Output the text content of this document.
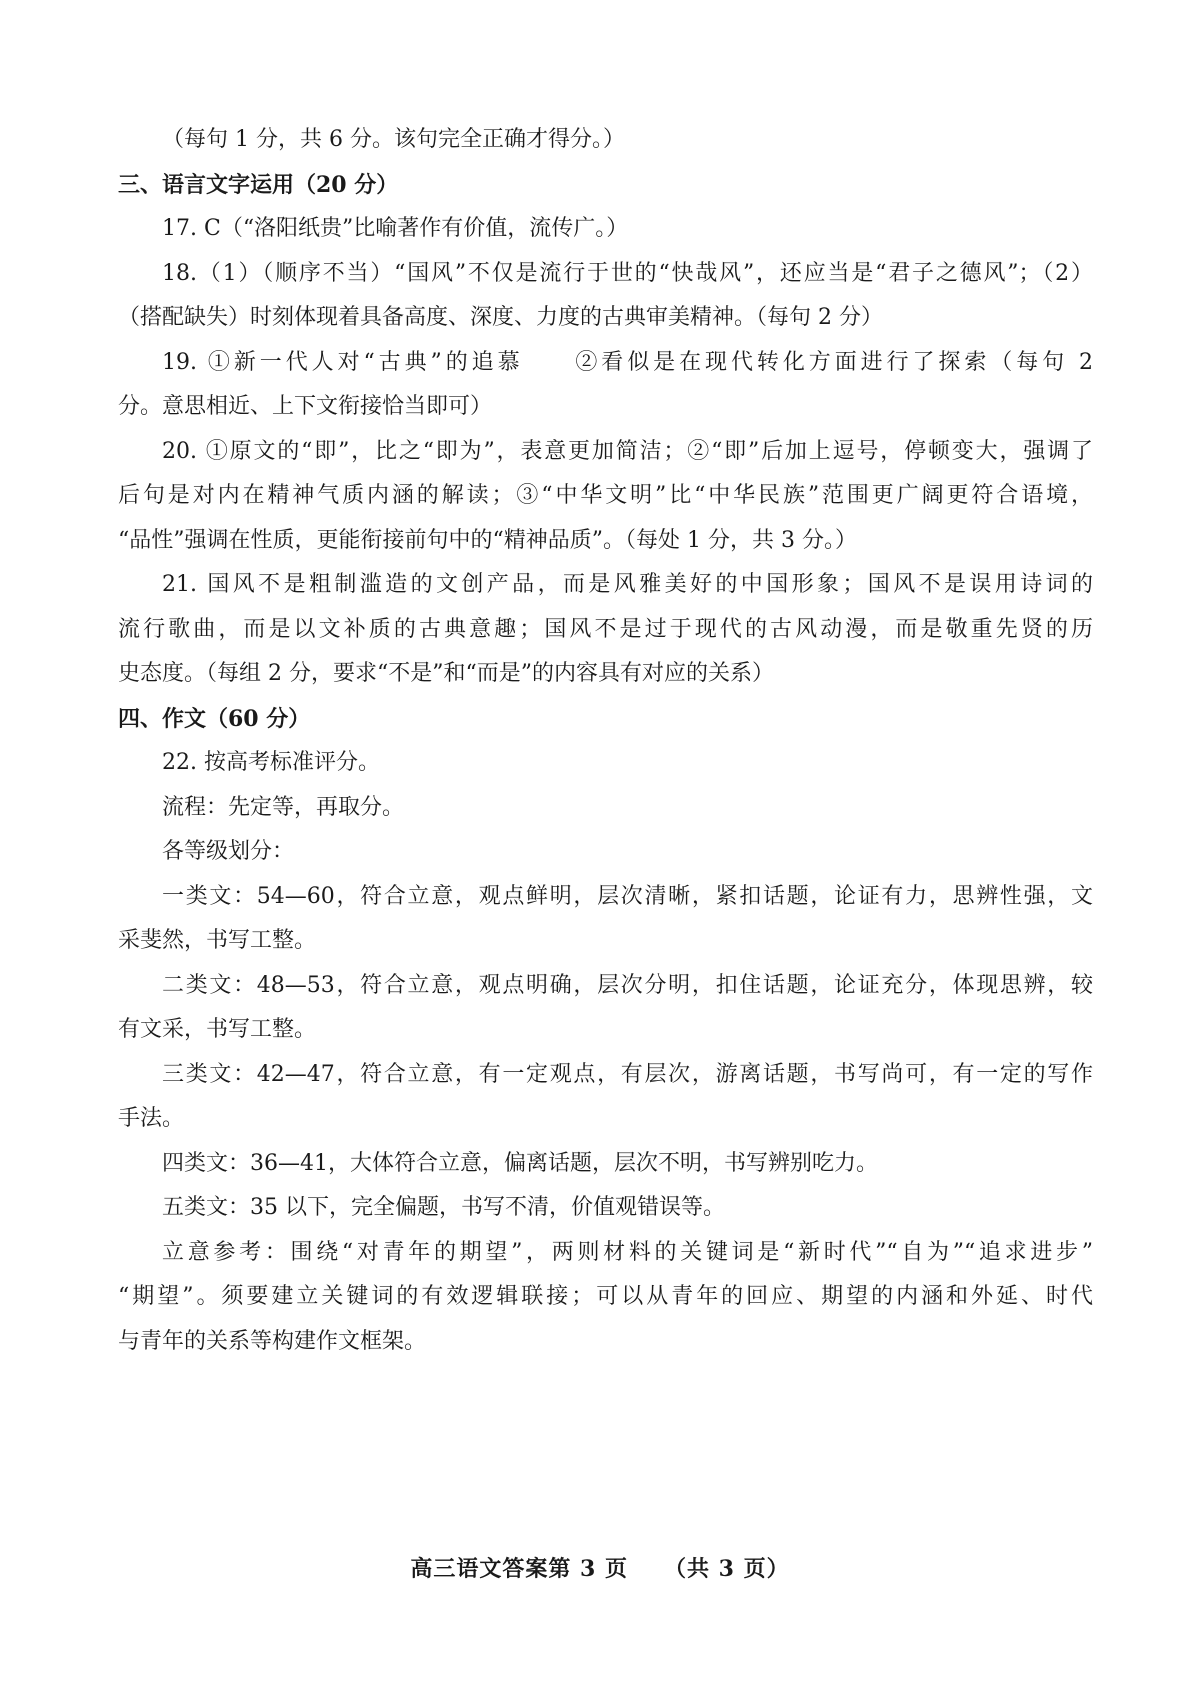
（每句 1 分，共 6 分。该句完全正确才得分。）
三、语言文字运用（20 分）
17. C（“洛阳纸贵”比喻著作有价值，流传广。）
18.（1）（顺序不当）“国风”不仅是流行于世的“快哉风”，还应当是“君子之德风”；（2）
（搭配缺失）时刻体现着具备高度、深度、力度的古典审美精神。（每句 2 分）
19. ①新一代人对“古典”的追慕　　②看似是在现代转化方面进行了探索（每句 2
分。意思相近、上下文衔接恰当即可）
20. ①原文的“即”，比之“即为”，表意更加简洁；②“即”后加上逗号，停顿变大，强调了
后句是对内在精神气质内涵的解读；③“中华文明”比“中华民族”范围更广阔更符合语境，
“品性”强调在性质，更能衔接前句中的“精神品质”。（每处 1 分，共 3 分。）
21. 国风不是粗制滥造的文创产品，而是风雅美好的中国形象；国风不是误用诗词的
流行歌曲，而是以文补质的古典意趣；国风不是过于现代的古风动漫，而是敬重先贤的历
史态度。（每组 2 分，要求“不是”和“而是”的内容具有对应的关系）
四、作文（60 分）
22. 按高考标准评分。
流程：先定等，再取分。
各等级划分：
一类文：54—60，符合立意，观点鲜明，层次清晰，紧扣话题，论证有力，思辨性强，文
采斐然，书写工整。
二类文：48—53，符合立意，观点明确，层次分明，扣住话题，论证充分，体现思辨，较
有文采，书写工整。
三类文：42—47，符合立意，有一定观点，有层次，游离话题，书写尚可，有一定的写作
手法。
四类文：36—41，大体符合立意，偏离话题，层次不明，书写辨别吃力。
五类文：35 以下，完全偏题，书写不清，价值观错误等。
立意参考：围绕“对青年的期望”，两则材料的关键词是“新时代”“自为”“追求进步”
“期望”。须要建立关键词的有效逻辑联接；可以从青年的回应、期望的内涵和外延、时代
与青年的关系等构建作文框架。
高三语文答案第 3 页 （共 3 页）
